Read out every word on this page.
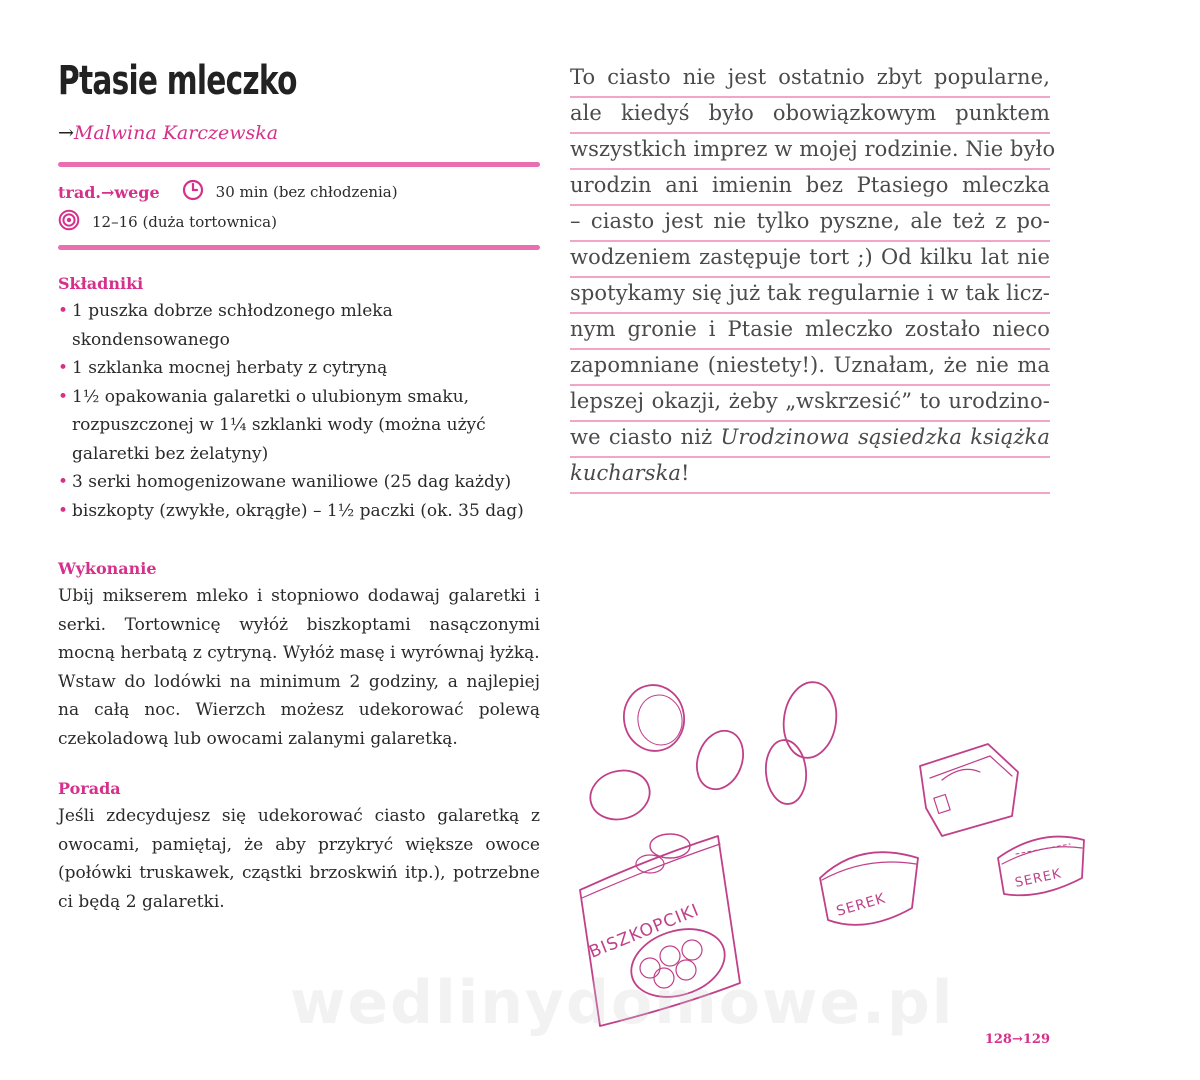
Ptasie mleczko
→Malwina Karczewska
trad.→wege	30 min (bez chłodzenia)
12–16 (duża tortownica)
Składniki
• 1 puszka dobrze schłodzonego mleka skondensowanego
• 1 szklanka mocnej herbaty z cytryną
• 1½ opakowania galaretki o ulubionym smaku, rozpuszczonej w 1¼ szklanki wody (można użyć galaretki bez żelatyny)
• 3 serki homogenizowane waniliowe (25 dag każdy)
• biszkopty (zwykłe, okrągłe) – 1½ paczki (ok. 35 dag)
Wykonanie

Ubij mikserem mleko i stopniowo dodawaj galaretki i serki. Tortownicę wyłóż biszkoptami nasączonymi mocną herbatą z cytryną. Wyłóż masę i wyrównaj łyżką.

Wstaw do lodówki na minimum 2 godziny, a najlepiej na całą noc. Wierzch możesz udekorować polewą czekoladową lub owocami zalanymi galaretką.

Porada

Jeśli zdecydujesz się udekorować ciasto galaretką z owocami, pamiętaj, że aby przykryć większe owoce (połówki truskawek, cząstki brzoskwiń itp.), potrzebne ci będą 2 galaretki.

To ciasto nie jest ostatnio zbyt popularne,
ale kiedyś było obowiązkowym punktem
wszystkich imprez w mojej rodzinie. Nie było
urodzin ani imienin bez Ptasiego mleczka
– ciasto jest nie tylko pyszne, ale też z po-
wodzeniem zastępuje tort ;) Od kilku lat nie
spotykamy się już tak regularnie i w tak licz-
nym gronie i Ptasie mleczko zostało nieco
zapomniane (niestety!). Uznałam, że nie ma
lepszej okazji, żeby „wskrzesić” to urodzino-
we ciasto niż Urodzinowa sąsiedzka książka
kucharska!
BISZKOPCIKI	SEREK
SEREK
wedlinydomowe.pl
128→129
